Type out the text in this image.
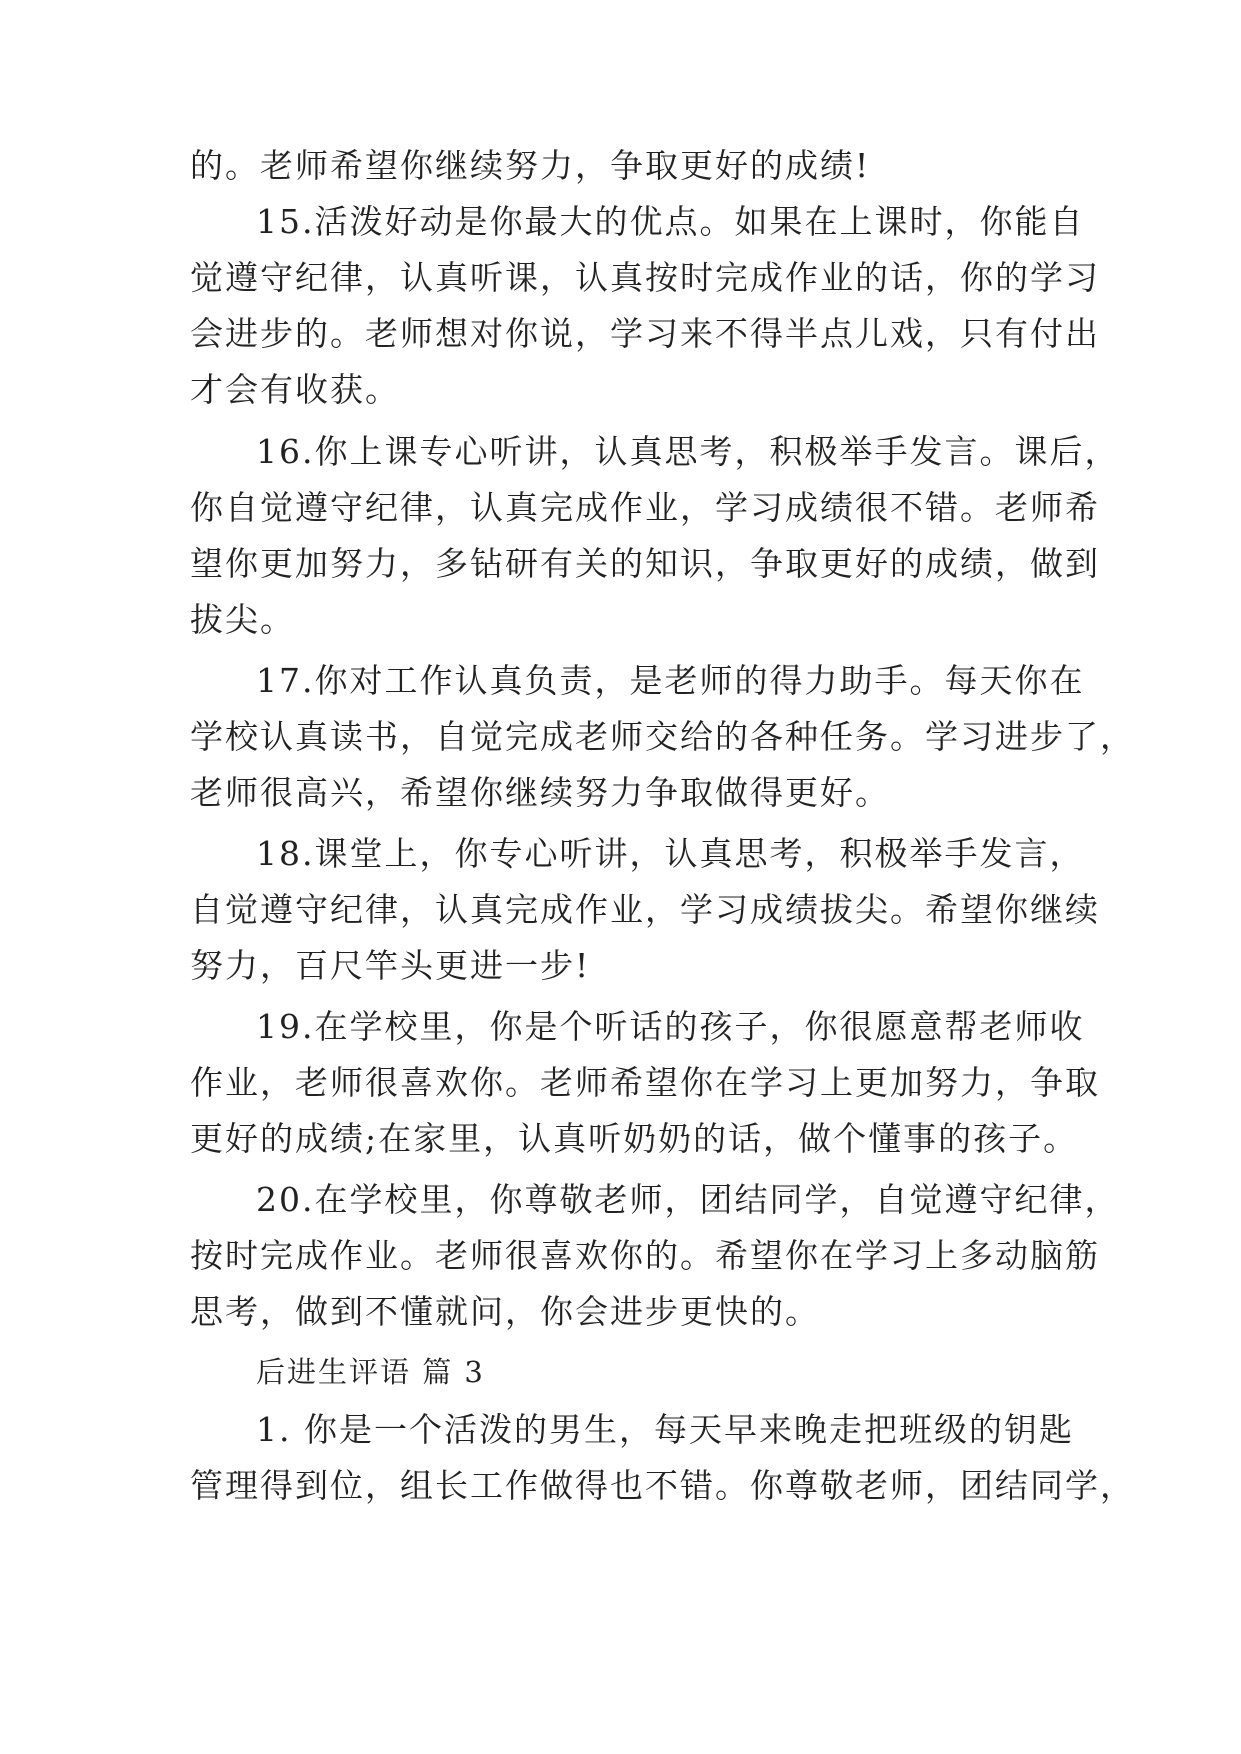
的。老师希望你继续努力，争取更好的成绩!
15.活泼好动是你最大的优点。如果在上课时，你能自
觉遵守纪律，认真听课，认真按时完成作业的话，你的学习
会进步的。老师想对你说，学习来不得半点儿戏，只有付出
才会有收获。
16.你上课专心听讲，认真思考，积极举手发言。课后，
你自觉遵守纪律，认真完成作业，学习成绩很不错。老师希
望你更加努力，多钻研有关的知识，争取更好的成绩，做到
拔尖。
17.你对工作认真负责，是老师的得力助手。每天你在
学校认真读书，自觉完成老师交给的各种任务。学习进步了，
老师很高兴，希望你继续努力争取做得更好。
18.课堂上，你专心听讲，认真思考，积极举手发言，
自觉遵守纪律，认真完成作业，学习成绩拔尖。希望你继续
努力，百尺竿头更进一步!
19.在学校里，你是个听话的孩子，你很愿意帮老师收
作业，老师很喜欢你。老师希望你在学习上更加努力，争取
更好的成绩;在家里，认真听奶奶的话，做个懂事的孩子。
20.在学校里，你尊敬老师，团结同学，自觉遵守纪律，
按时完成作业。老师很喜欢你的。希望你在学习上多动脑筋
思考，做到不懂就问，你会进步更快的。
后进生评语 篇 3
1. 你是一个活泼的男生，每天早来晚走把班级的钥匙
管理得到位，组长工作做得也不错。你尊敬老师，团结同学，
